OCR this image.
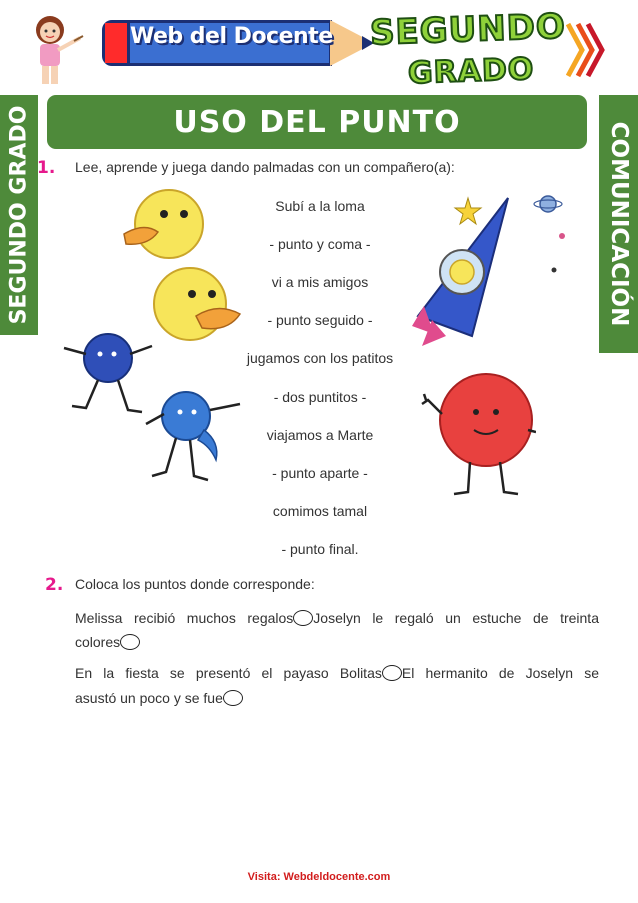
Web del Docente SEGUNDO
GRADO
SEGUNDO GRADO	COMUNICACIÓN
USO DEL PUNTO
1. Lee, aprende y juega dando palmadas con un compañero(a):
Subí a la loma
- punto y coma -
vi a mis amigos
- punto seguido -
jugamos con los patitos
- dos puntitos -
viajamos a Marte
- punto aparte -
comimos tamal
- punto final.
2. Coloca los puntos donde corresponde:
Melissa recibió muchos regalos Joselyn le regaló un estuche de treinta
colores
En la fiesta se presentó el payaso Bolitas El hermanito de Joselyn se
asustó un poco y se fue
Visita: Webdeldocente.com
